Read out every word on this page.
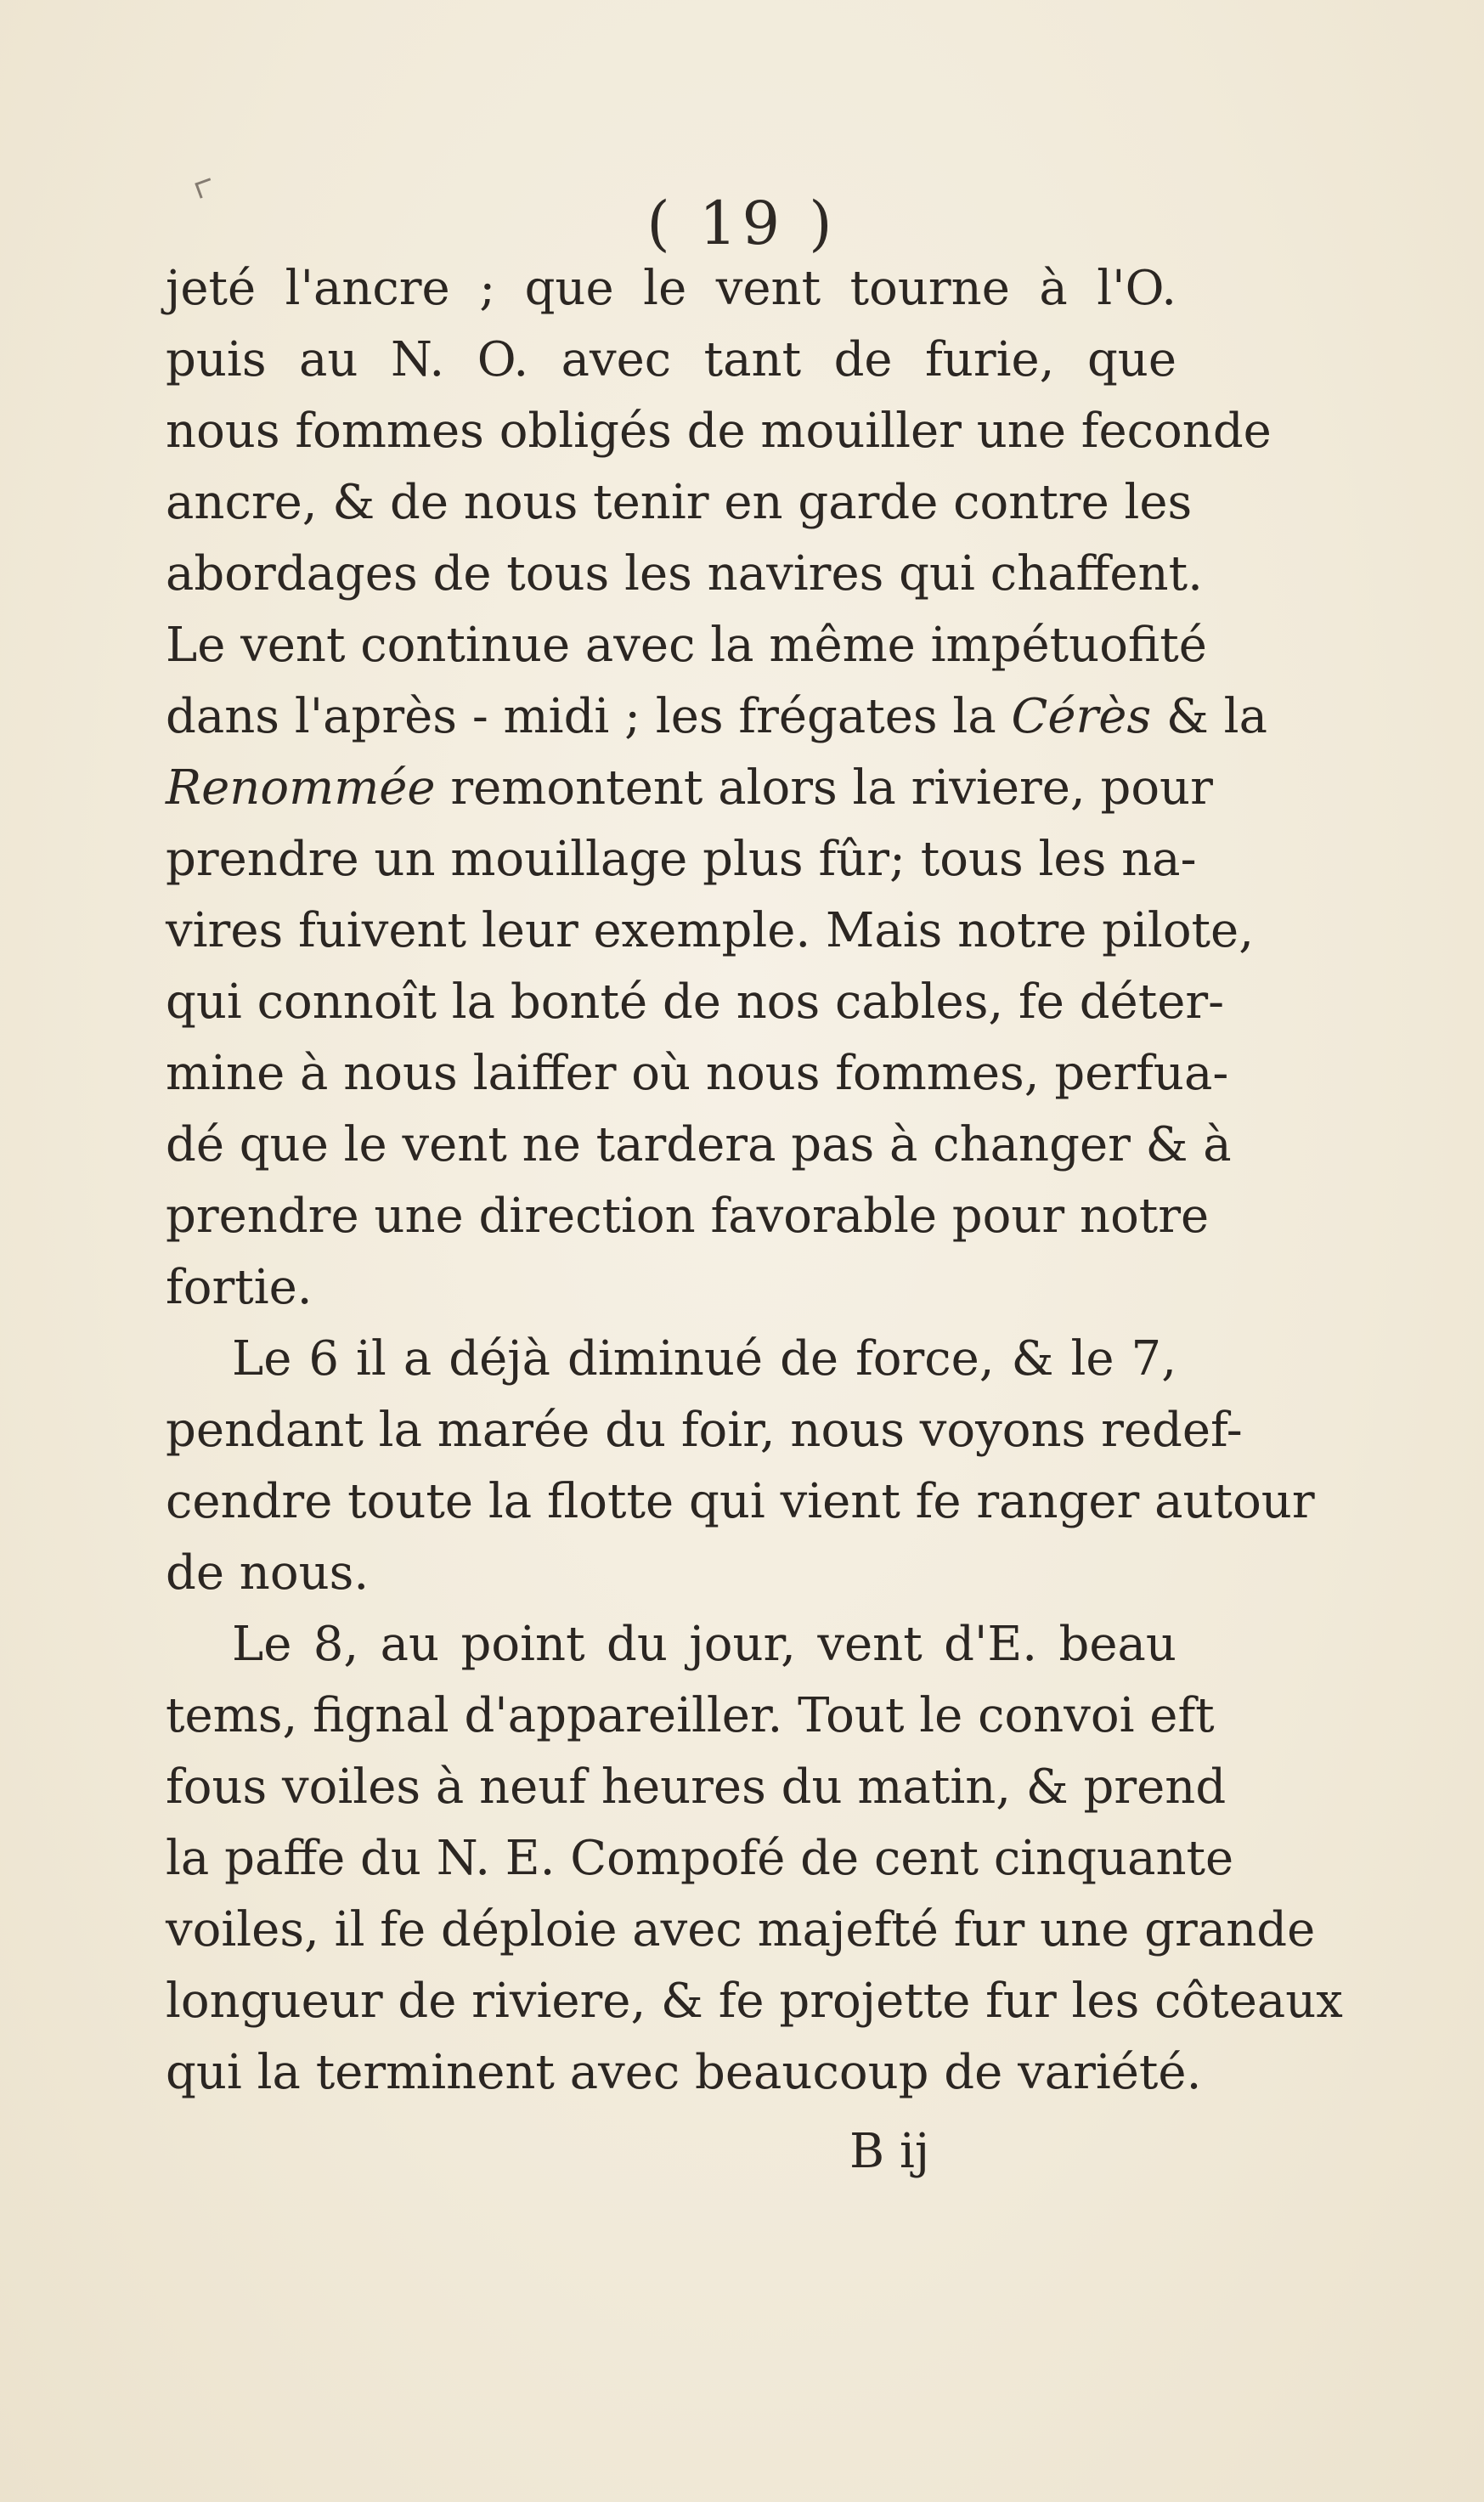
( 19 )
jeté l'ancre ; que le vent tourne à l'O.
puis au N. O. avec tant de furie, que
nous fommes obligés de mouiller une feconde
ancre, & de nous tenir en garde contre les
abordages de tous les navires qui chaffent.
Le vent continue avec la même impétuofité
dans l'après - midi ; les frégates la Cérès & la
Renommée remontent alors la riviere, pour
prendre un mouillage plus fûr; tous les na-
vires fuivent leur exemple. Mais notre pilote,
qui connoît la bonté de nos cables, fe déter-
mine à nous laiffer où nous fommes, perfua-
dé que le vent ne tardera pas à changer & à
prendre une direction favorable pour notre
fortie.
Le 6 il a déjà diminué de force, & le 7,
pendant la marée du foir, nous voyons redef-
cendre toute la flotte qui vient fe ranger autour
de nous.
Le 8, au point du jour, vent d'E. beau
tems, fignal d'appareiller. Tout le convoi eft
fous voiles à neuf heures du matin, & prend
la paffe du N. E. Compofé de cent cinquante
voiles, il fe déploie avec majefté fur une grande
longueur de riviere, & fe projette fur les côteaux
qui la terminent avec beaucoup de variété.
B ij
